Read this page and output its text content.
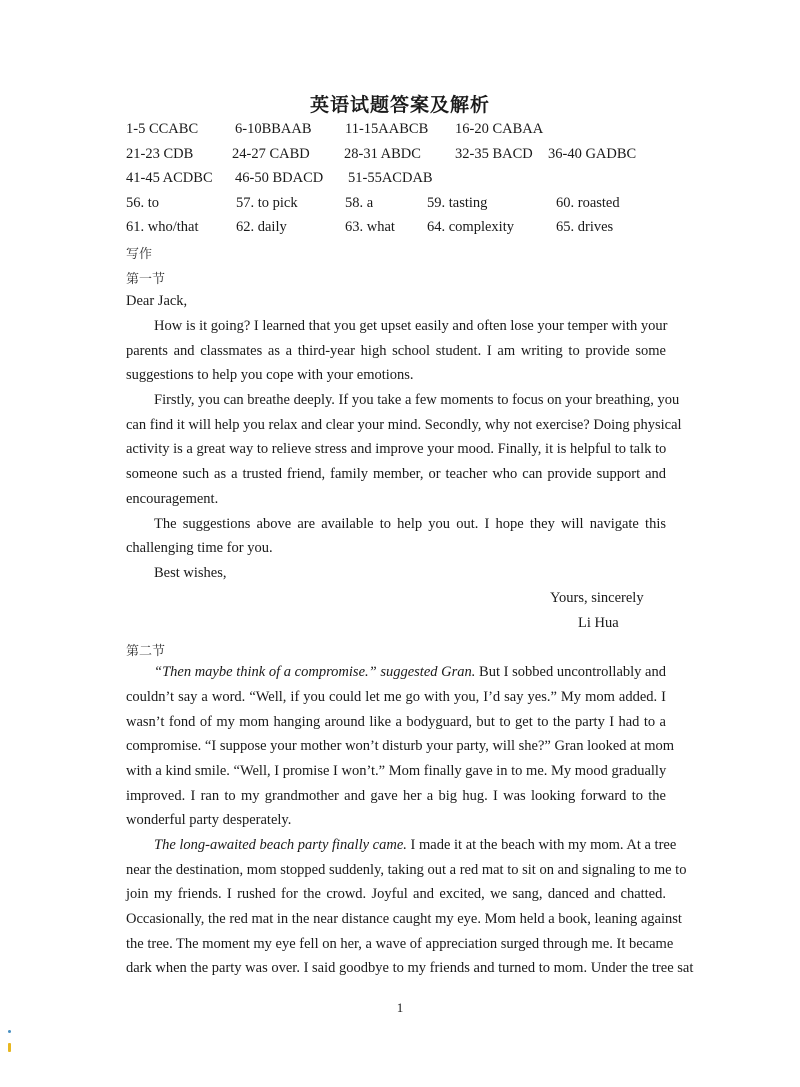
英语试题答案及解析
1-5 CCABC	6-10BBAAB 11-15AABCB 16-20 CABAA
21-23 CDB	24-27 CABD 28-31 ABDC 32-35 BACD 36-40 GADBC
41-45 ACDBC 46-50 BDACD 51-55ACDAB
56. to	57. to pick	58. a	59. tasting	60. roasted
61. who/that	62. daily	63. what 64. complexity	65. drives
写作
第一节
Dear Jack,
How is it going? I learned that you get upset easily and often lose your temper with your
parents and classmates as a third-year high school student. I am writing to provide some
suggestions to help you cope with your emotions.
Firstly, you can breathe deeply. If you take a few moments to focus on your breathing, you
can find it will help you relax and clear your mind. Secondly, why not exercise? Doing physical
activity is a great way to relieve stress and improve your mood. Finally, it is helpful to talk to
someone such as a trusted friend, family member, or teacher who can provide support and
encouragement.
The suggestions above are available to help you out. I hope they will navigate this
challenging time for you.
Best wishes,
Yours, sincerely
Li Hua
第二节
“Then maybe think of a compromise.” suggested Gran. But I sobbed uncontrollably and
couldn’t say a word. “Well, if you could let me go with you, I’d say yes.” My mom added. I
wasn’t fond of my mom hanging around like a bodyguard, but to get to the party I had to a
compromise. “I suppose your mother won’t disturb your party, will she?” Gran looked at mom
with a kind smile. “Well, I promise I won’t.” Mom finally gave in to me. My mood gradually
improved. I ran to my grandmother and gave her a big hug. I was looking forward to the
wonderful party desperately.
The long-awaited beach party finally came. I made it at the beach with my mom. At a tree
near the destination, mom stopped suddenly, taking out a red mat to sit on and signaling to me to
join my friends. I rushed for the crowd. Joyful and excited, we sang, danced and chatted.
Occasionally, the red mat in the near distance caught my eye. Mom held a book, leaning against
the tree. The moment my eye fell on her, a wave of appreciation surged through me. It became
dark when the party was over. I said goodbye to my friends and turned to mom. Under the tree sat
1
